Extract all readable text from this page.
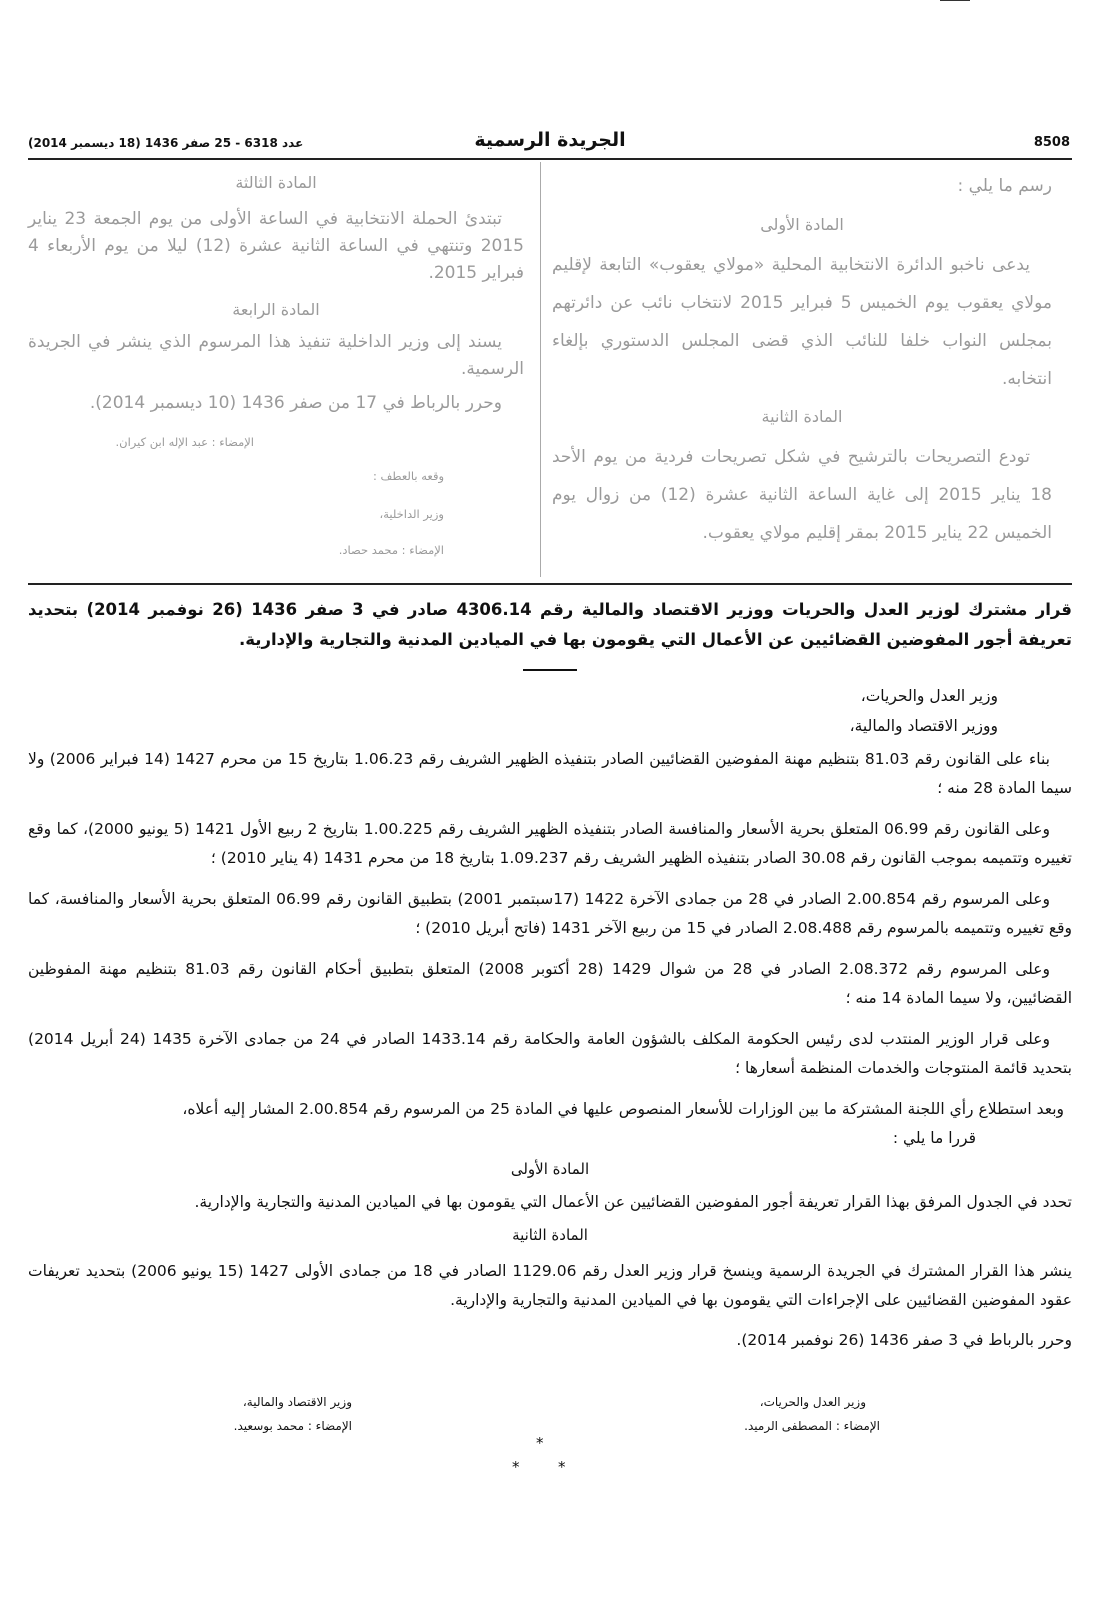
8508
الجريدة الرسمية
عدد 6318 - 25 صفر 1436 (18 ديسمبر 2014)

رسم ما يلي :

المادة الأولى

يدعى ناخبو الدائرة الانتخابية المحلية «مولاي يعقوب» التابعة لإقليم مولاي يعقوب يوم الخميس 5 فبراير 2015 لانتخاب نائب عن دائرتهم بمجلس النواب خلفا للنائب الذي قضى المجلس الدستوري بإلغاء انتخابه.

المادة الثانية

تودع التصريحات بالترشيح في شكل تصريحات فردية من يوم الأحد 18 يناير 2015 إلى غاية الساعة الثانية عشرة (12) من زوال يوم الخميس 22 يناير 2015 بمقر إقليم مولاي يعقوب.

المادة الثالثة

تبتدئ الحملة الانتخابية في الساعة الأولى من يوم الجمعة 23 يناير 2015 وتنتهي في الساعة الثانية عشرة (12) ليلا من يوم الأربعاء 4 فبراير 2015.

المادة الرابعة

يسند إلى وزير الداخلية تنفيذ هذا المرسوم الذي ينشر في الجريدة الرسمية.

وحرر بالرباط في 17 من صفر 1436 (10 ديسمبر 2014).

الإمضاء : عبد الإله ابن كيران.

وقعه بالعطف :

وزير الداخلية،

الإمضاء : محمد حصاد.

قرار مشترك لوزير العدل والحريات ووزير الاقتصاد والمالية رقم 4306.14 صادر في 3 صفر 1436 (26 نوفمبر 2014) بتحديد تعريفة أجور المفوضين القضائيين عن الأعمال التي يقومون بها في الميادين المدنية والتجارية والإدارية.

وزير العدل والحريات،

ووزير الاقتصاد والمالية،

بناء على القانون رقم 81.03 بتنظيم مهنة المفوضين القضائيين الصادر بتنفيذه الظهير الشريف رقم 1.06.23 بتاريخ 15 من محرم 1427 (14 فبراير 2006) ولا سيما المادة 28 منه ؛

وعلى القانون رقم 06.99 المتعلق بحرية الأسعار والمنافسة الصادر بتنفيذه الظهير الشريف رقم 1.00.225 بتاريخ 2 ربيع الأول 1421 (5 يونيو 2000)، كما وقع تغييره وتتميمه بموجب القانون رقم 30.08 الصادر بتنفيذه الظهير الشريف رقم 1.09.237 بتاريخ 18 من محرم 1431 (4 يناير 2010) ؛

وعلى المرسوم رقم 2.00.854 الصادر في 28 من جمادى الآخرة 1422 (17سبتمبر 2001) بتطبيق القانون رقم 06.99 المتعلق بحرية الأسعار والمنافسة، كما وقع تغييره وتتميمه بالمرسوم رقم 2.08.488 الصادر في 15 من ربيع الآخر 1431 (فاتح أبريل 2010) ؛

وعلى المرسوم رقم 2.08.372 الصادر في 28 من شوال 1429 (28 أكتوبر 2008) المتعلق بتطبيق أحكام القانون رقم 81.03 بتنظيم مهنة المفوظين القضائيين، ولا سيما المادة 14 منه ؛

وعلى قرار الوزير المنتدب لدى رئيس الحكومة المكلف بالشؤون العامة والحكامة رقم 1433.14 الصادر في 24 من جمادى الآخرة 1435 (24 أبريل 2014) بتحديد قائمة المنتوجات والخدمات المنظمة أسعارها ؛

وبعد استطلاع رأي اللجنة المشتركة ما بين الوزارات للأسعار المنصوص عليها في المادة 25 من المرسوم رقم 2.00.854 المشار إليه أعلاه،

قررا ما يلي :

المادة الأولى

تحدد في الجدول المرفق بهذا القرار تعريفة أجور المفوضين القضائيين عن الأعمال التي يقومون بها في الميادين المدنية والتجارية والإدارية.

المادة الثانية

ينشر هذا القرار المشترك في الجريدة الرسمية وينسخ قرار وزير العدل رقم 1129.06 الصادر في 18 من جمادى الأولى 1427 (15 يونيو 2006) بتحديد تعريفات عقود المفوضين القضائيين على الإجراءات التي يقومون بها في الميادين المدنية والتجارية والإدارية.

وحرر بالرباط في 3 صفر 1436 (26 نوفمبر 2014).

وزير العدل والحريات،
الإمضاء : المصطفى الرميد.
وزير الاقتصاد والمالية،
الإمضاء : محمد بوسعيد.
*
*	*
